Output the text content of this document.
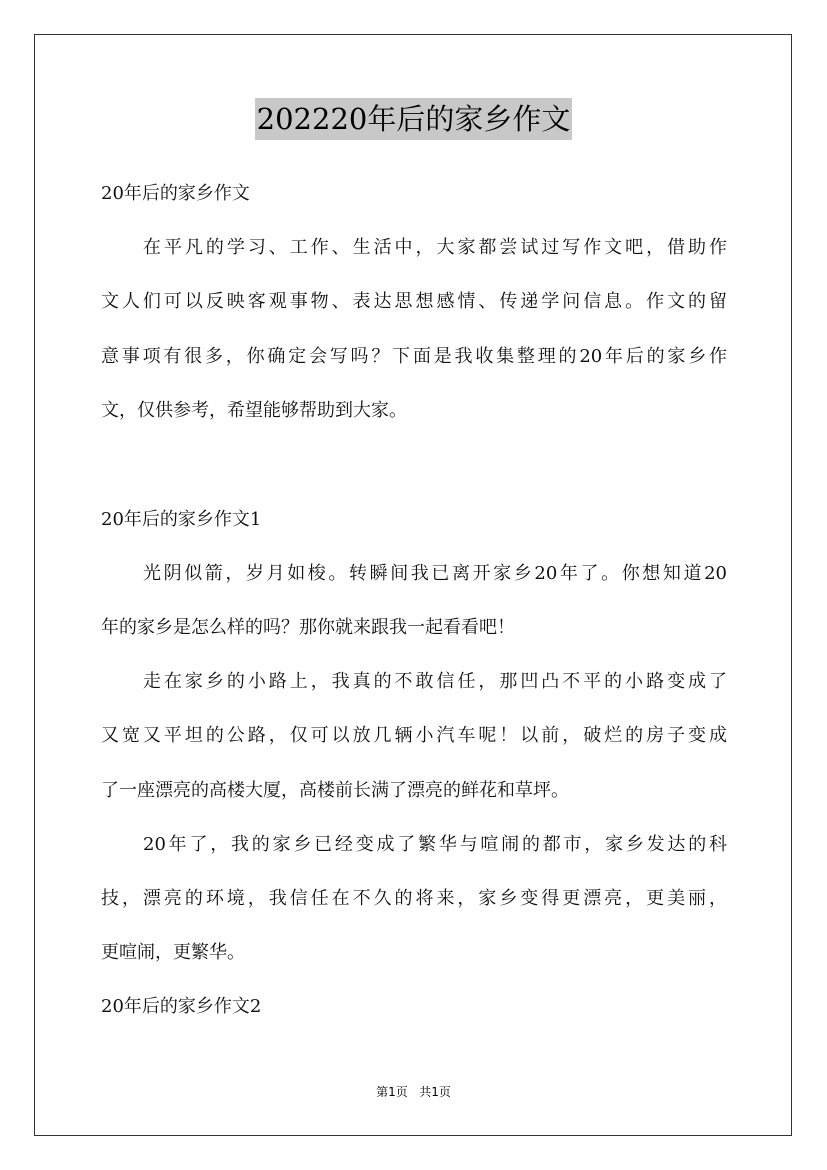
202220年后的家乡作文
20年后的家乡作文
在平凡的学习、工作、生活中，大家都尝试过写作文吧，借助作
文人们可以反映客观事物、表达思想感情、传递学问信息。作文的留
意事项有很多，你确定会写吗？下面是我收集整理的20年后的家乡作
文，仅供参考，希望能够帮助到大家。
20年后的家乡作文1
光阴似箭，岁月如梭。转瞬间我已离开家乡20年了。你想知道20
年的家乡是怎么样的吗？那你就来跟我一起看看吧！
走在家乡的小路上，我真的不敢信任，那凹凸不平的小路变成了
又宽又平坦的公路，仅可以放几辆小汽车呢！以前，破烂的房子变成
了一座漂亮的高楼大厦，高楼前长满了漂亮的鲜花和草坪。
20年了，我的家乡已经变成了繁华与喧闹的都市，家乡发达的科
技，漂亮的环境，我信任在不久的将来，家乡变得更漂亮，更美丽，
更喧闹，更繁华。
20年后的家乡作文2
第1页 共1页
